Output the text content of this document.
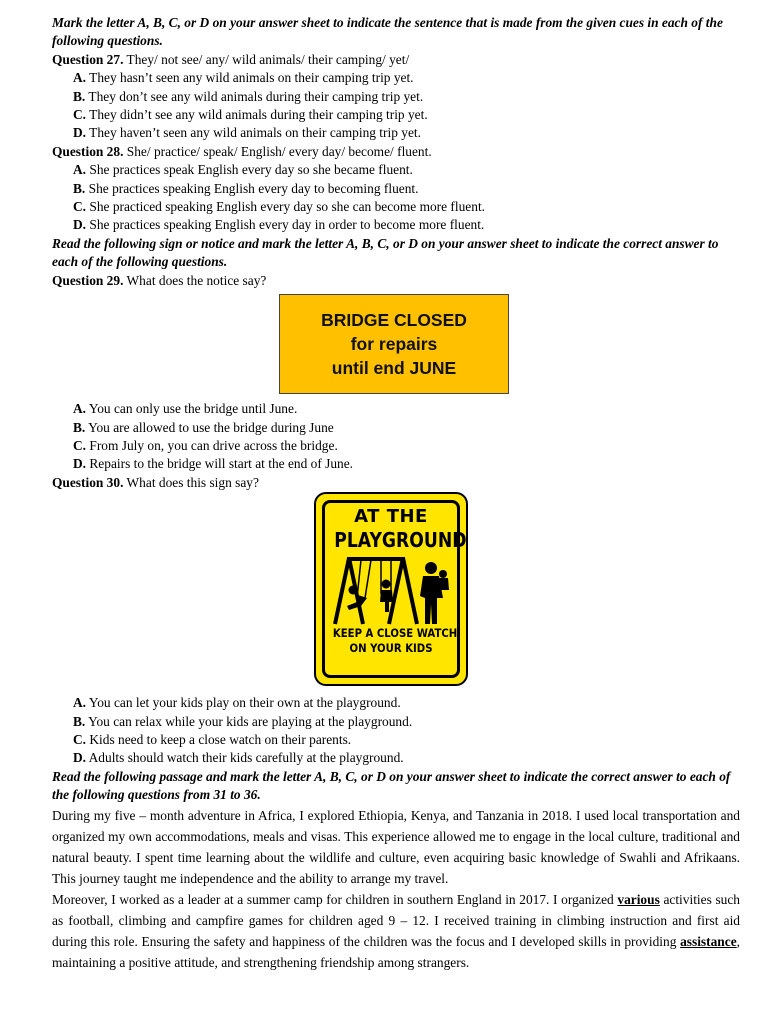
Mark the letter A, B, C, or D on your answer sheet to indicate the sentence that is made from the given cues in each of the following questions.

Question 27. They/ not see/ any/ wild animals/ their camping/ yet/

A. They hasn’t seen any wild animals on their camping trip yet.

B. They don’t see any wild animals during their camping trip yet.

C. They didn’t see any wild animals during their camping trip yet.

D. They haven’t seen any wild animals on their camping trip yet.

Question 28. She/ practice/ speak/ English/ every day/ become/ fluent.

A. She practices speak English every day so she became fluent.

B. She practices speaking English every day to becoming fluent.

C. She practiced speaking English every day so she can become more fluent.

D. She practices speaking English every day in order to become more fluent.

Read the following sign or notice and mark the letter A, B, C, or D on your answer sheet to indicate the correct answer to each of the following questions.

Question 29. What does the notice say?

BRIDGE CLOSED
for repairs
until end JUNE

A. You can only use the bridge until June.

B. You are allowed to use the bridge during June

C. From July on, you can drive across the bridge.

D. Repairs to the bridge will start at the end of June.

Question 30. What does this sign say?

AT THE
PLAYGROUND
KEEP A CLOSE WATCH
ON YOUR KIDS

A. You can let your kids play on their own at the playground.

B. You can relax while your kids are playing at the playground.

C. Kids need to keep a close watch on their parents.

D. Adults should watch their kids carefully at the playground.

Read the following passage and mark the letter A, B, C, or D on your answer sheet to indicate the correct answer to each of the following questions from 31 to 36.

During my five – month adventure in Africa, I explored Ethiopia, Kenya, and Tanzania in 2018. I used local transportation and organized my own accommodations, meals and visas. This experience allowed me to engage in the local culture, traditional and natural beauty. I spent time learning about the wildlife and culture, even acquiring basic knowledge of Swahli and Afrikaans. This journey taught me independence and the ability to arrange my travel.

Moreover, I worked as a leader at a summer camp for children in southern England in 2017. I organized various activities such as football, climbing and campfire games for children aged 9 – 12. I received training in climbing instruction and first aid during this role. Ensuring the safety and happiness of the children was the focus and I developed skills in providing assistance, maintaining a positive attitude, and strengthening friendship among strangers.
